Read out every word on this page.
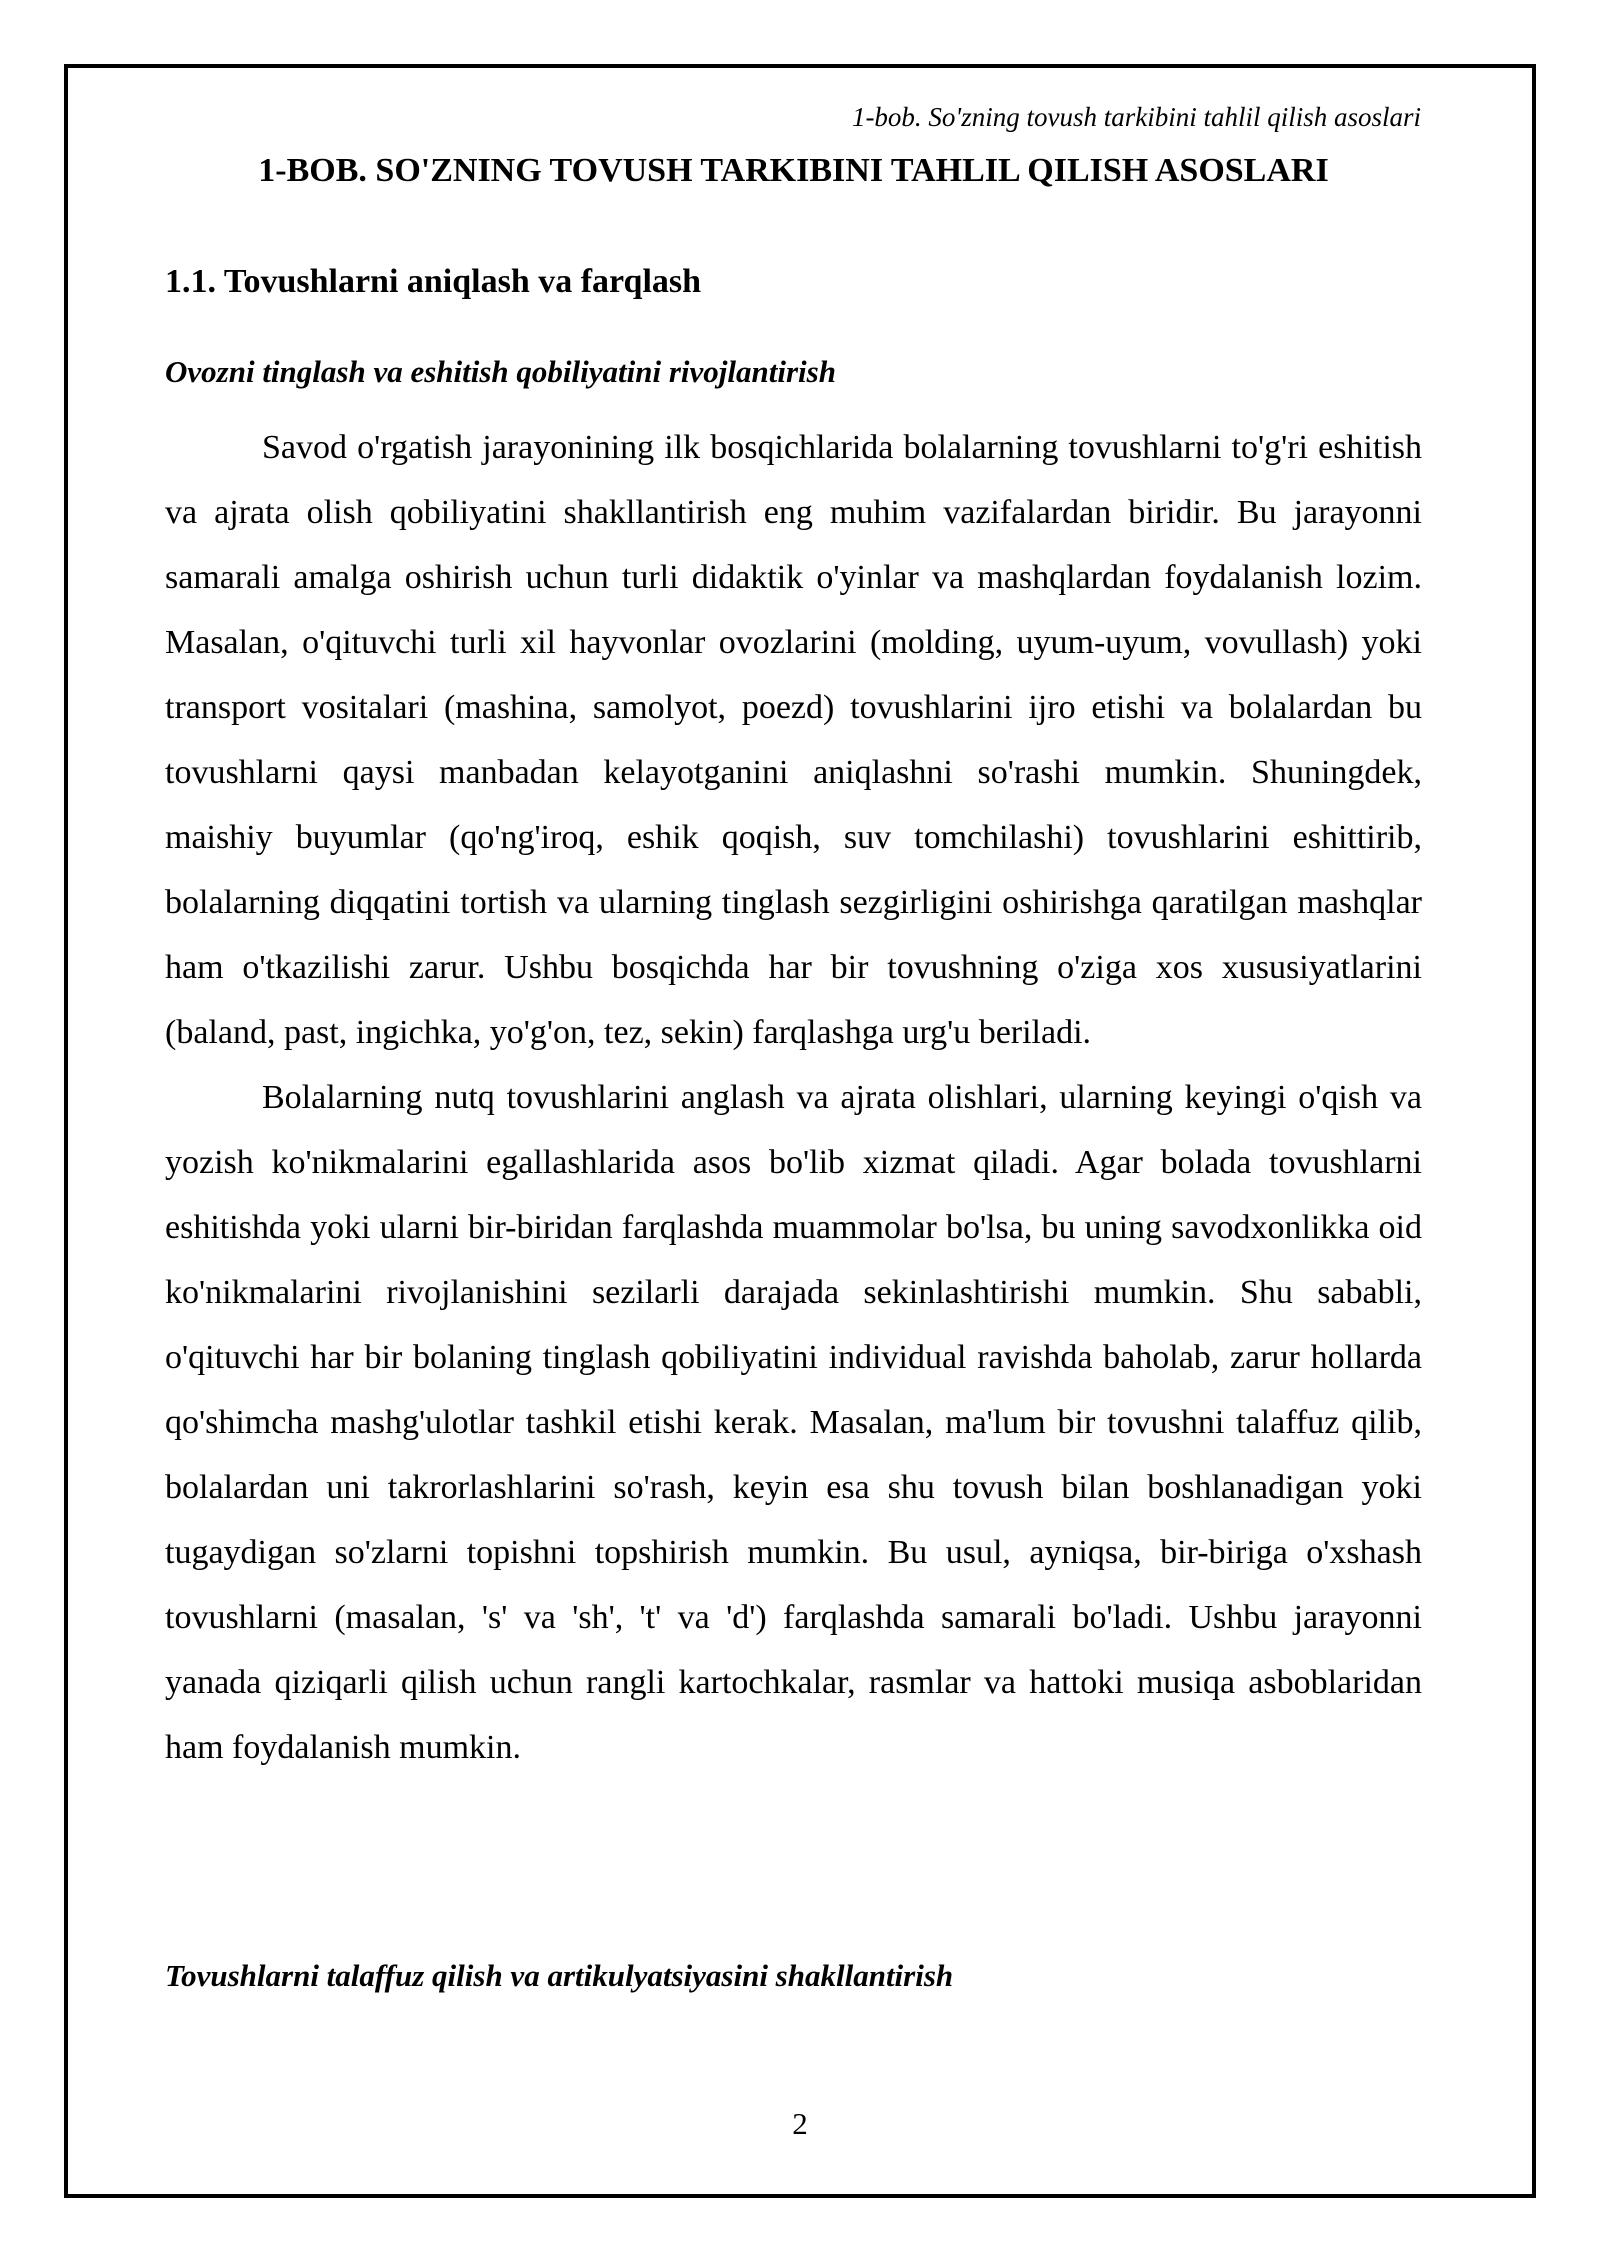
1-bob. So'zning tovush tarkibini tahlil qilish asoslari
2
1-BOB. SO'ZNING TOVUSH TARKIBINI TAHLIL QILISH ASOSLARI
1.1. Tovushlarni aniqlash va farqlash
Ovozni tinglash va eshitish qobiliyatini rivojlantirish

Savod o'rgatish jarayonining ilk bosqichlarida bolalarning tovushlarni to'g'ri eshitish va ajrata olish qobiliyatini shakllantirish eng muhim vazifalardan biridir. Bu jarayonni samarali amalga oshirish uchun turli didaktik o'yinlar va mashqlardan foydalanish lozim. Masalan, o'qituvchi turli xil hayvonlar ovozlarini (molding, uyum-uyum, vovullash) yoki transport vositalari (mashina, samolyot, poezd) tovushlarini ijro etishi va bolalardan bu tovushlarni qaysi manbadan kelayotganini aniqlashni so'rashi mumkin. Shuningdek, maishiy buyumlar (qo'ng'iroq, eshik qoqish, suv tomchilashi) tovushlarini eshittirib, bolalarning diqqatini tortish va ularning tinglash sezgirligini oshirishga qaratilgan mashqlar ham o'tkazilishi zarur. Ushbu bosqichda har bir tovushning o'ziga xos xususiyatlarini (baland, past, ingichka, yo'g'on, tez, sekin) farqlashga urg'u beriladi.

Bolalarning nutq tovushlarini anglash va ajrata olishlari, ularning keyingi o'qish va yozish ko'nikmalarini egallashlarida asos bo'lib xizmat qiladi. Agar bolada tovushlarni eshitishda yoki ularni bir-biridan farqlashda muammolar bo'lsa, bu uning savodxonlikka oid ko'nikmalarini rivojlanishini sezilarli darajada sekinlashtirishi mumkin. Shu sababli, o'qituvchi har bir bolaning tinglash qobiliyatini individual ravishda baholab, zarur hollarda qo'shimcha mashg'ulotlar tashkil etishi kerak. Masalan, ma'lum bir tovushni talaffuz qilib, bolalardan uni takrorlashlarini so'rash, keyin esa shu tovush bilan boshlanadigan yoki tugaydigan so'zlarni topishni topshirish mumkin. Bu usul, ayniqsa, bir-biriga o'xshash tovushlarni (masalan, 's' va 'sh', 't' va 'd') farqlashda samarali bo'ladi. Ushbu jarayonni yanada qiziqarli qilish uchun rangli kartochkalar, rasmlar va hattoki musiqa asboblaridan ham foydalanish mumkin.

Tovushlarni talaffuz qilish va artikulyatsiyasini shakllantirish
